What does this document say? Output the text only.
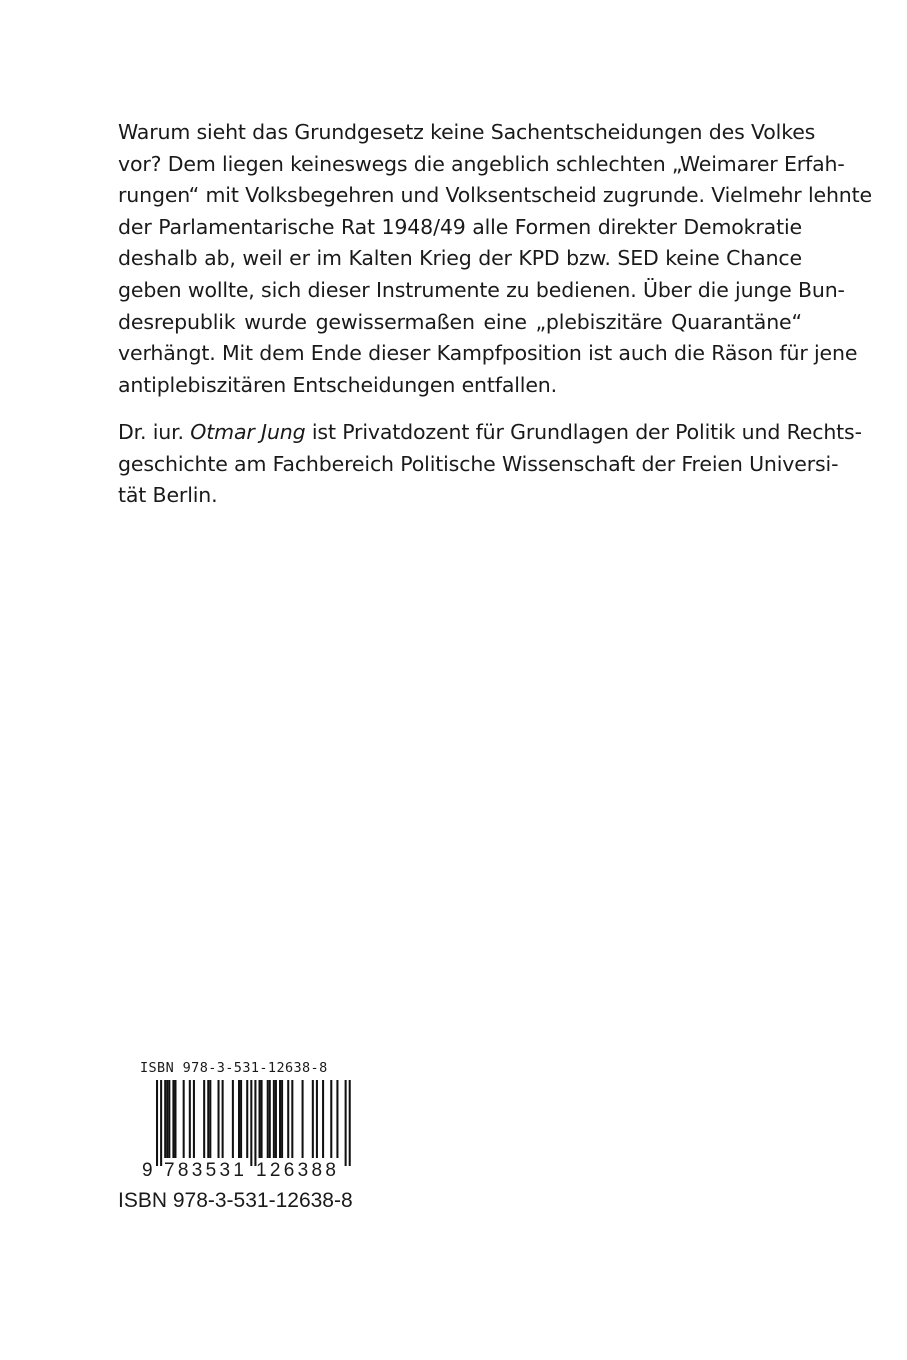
Warum sieht das Grundgesetz keine Sachentscheidungen des Volkes
vor? Dem liegen keineswegs die angeblich schlechten „Weimarer Erfah-
rungen“ mit Volksbegehren und Volksentscheid zugrunde. Vielmehr lehnte
der Parlamentarische Rat 1948/49 alle Formen direkter Demokratie
deshalb ab, weil er im Kalten Krieg der KPD bzw. SED keine Chance
geben wollte, sich dieser Instrumente zu bedienen. Über die junge Bun-
desrepublik wurde gewissermaßen eine „plebiszitäre Quarantäne“
verhängt. Mit dem Ende dieser Kampfposition ist auch die Räson für jene
antiplebiszitären Entscheidungen entfallen.
Dr. iur. Otmar Jung ist Privatdozent für Grundlagen der Politik und Rechts-
geschichte am Fachbereich Politische Wissenschaft der Freien Universi-
tät Berlin.
ISBN 978-3-531-12638-8
9 783531 126388
ISBN 978-3-531-12638-8
